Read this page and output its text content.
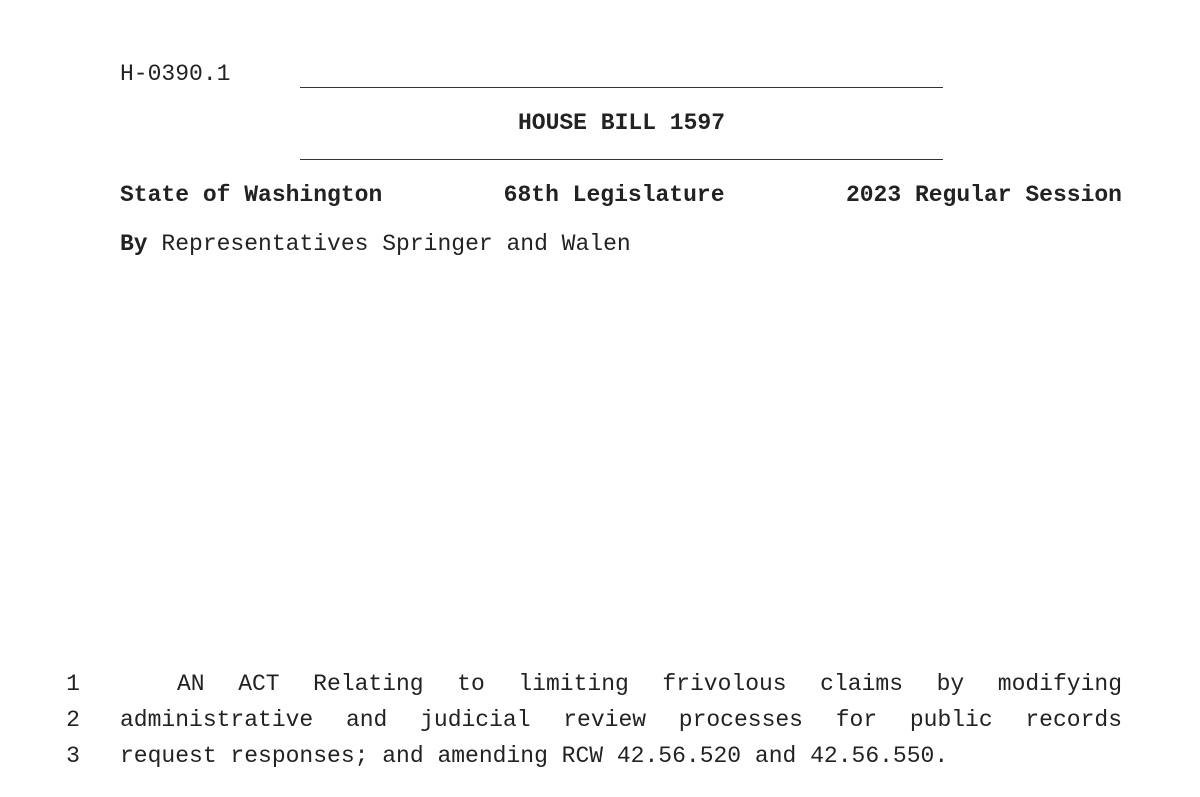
H-0390.1
HOUSE BILL 1597
State of Washington	68th Legislature	2023 Regular Session
By Representatives Springer and Walen
1	AN ACT Relating to limiting frivolous claims by modifying
2 administrative and judicial review processes for public records
3 request responses; and amending RCW 42.56.520 and 42.56.550.
